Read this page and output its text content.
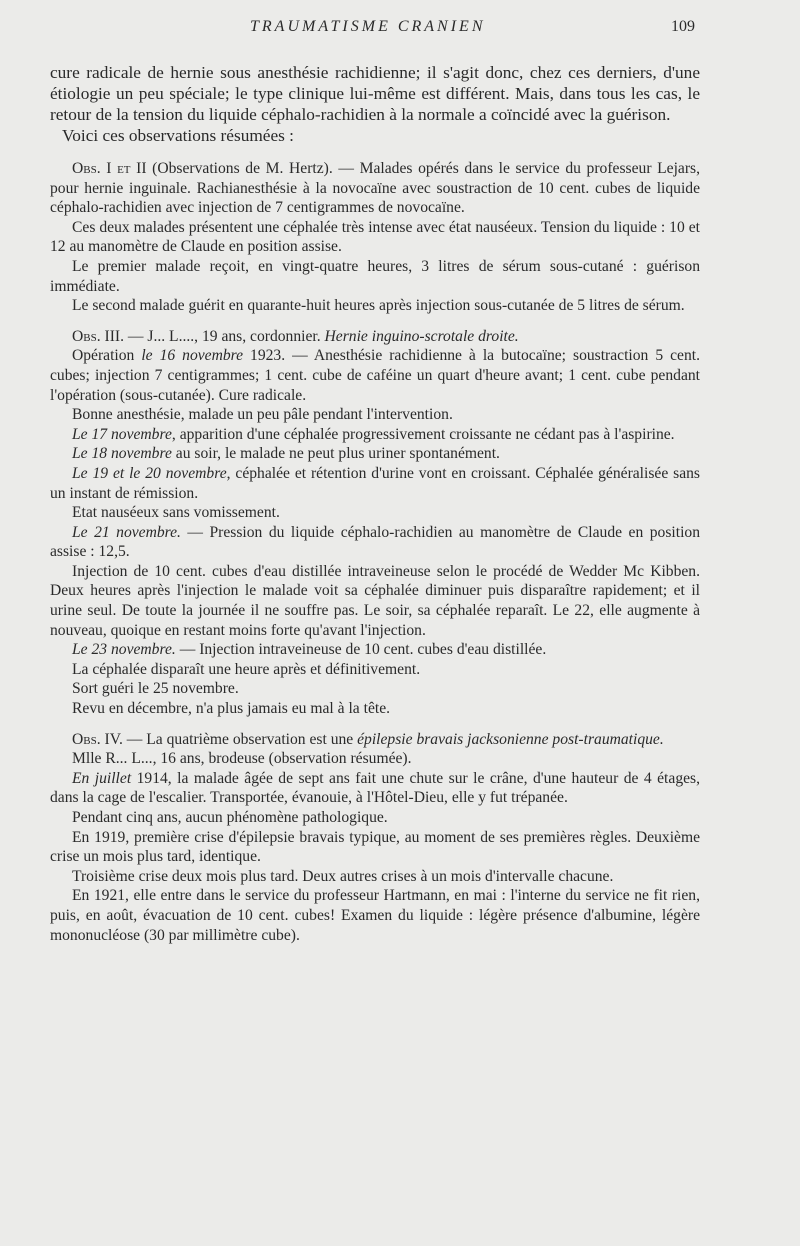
TRAUMATISME CRANIEN	109

cure radicale de hernie sous anesthésie rachidienne; il s'agit donc, chez ces derniers, d'une étiologie un peu spéciale; le type clinique lui-même est différent. Mais, dans tous les cas, le retour de la tension du liquide céphalo-rachidien à la normale a coïncidé avec la guérison.

Voici ces observations résumées :

Obs. I et II (Observations de M. Hertz). — Malades opérés dans le service du professeur Lejars, pour hernie inguinale. Rachianesthésie à la novocaïne avec soustraction de 10 cent. cubes de liquide céphalo-rachidien avec injection de 7 centigrammes de novocaïne.

Ces deux malades présentent une céphalée très intense avec état nauséeux. Tension du liquide : 10 et 12 au manomètre de Claude en position assise.

Le premier malade reçoit, en vingt-quatre heures, 3 litres de sérum sous-cutané : guérison immédiate.

Le second malade guérit en quarante-huit heures après injection sous-cutanée de 5 litres de sérum.

Obs. III. — J... L...., 19 ans, cordonnier. Hernie inguino-scrotale droite.

Opération le 16 novembre 1923. — Anesthésie rachidienne à la butocaïne; soustraction 5 cent. cubes; injection 7 centigrammes; 1 cent. cube de caféine un quart d'heure avant; 1 cent. cube pendant l'opération (sous-cutanée). Cure radicale.

Bonne anesthésie, malade un peu pâle pendant l'intervention.

Le 17 novembre, apparition d'une céphalée progressivement croissante ne cédant pas à l'aspirine.

Le 18 novembre au soir, le malade ne peut plus uriner spontanément.

Le 19 et le 20 novembre, céphalée et rétention d'urine vont en croissant. Céphalée généralisée sans un instant de rémission.

Etat nauséeux sans vomissement.

Le 21 novembre. — Pression du liquide céphalo-rachidien au manomètre de Claude en position assise : 12,5.

Injection de 10 cent. cubes d'eau distillée intraveineuse selon le procédé de Wedder Mc Kibben. Deux heures après l'injection le malade voit sa céphalée diminuer puis disparaître rapidement; et il urine seul. De toute la journée il ne souffre pas. Le soir, sa céphalée reparaît. Le 22, elle augmente à nouveau, quoique en restant moins forte qu'avant l'injection.

Le 23 novembre. — Injection intraveineuse de 10 cent. cubes d'eau distillée.

La céphalée disparaît une heure après et définitivement.

Sort guéri le 25 novembre.

Revu en décembre, n'a plus jamais eu mal à la tête.

Obs. IV. — La quatrième observation est une épilepsie bravais jacksonienne post-traumatique.

Mlle R... L..., 16 ans, brodeuse (observation résumée).

En juillet 1914, la malade âgée de sept ans fait une chute sur le crâne, d'une hauteur de 4 étages, dans la cage de l'escalier. Transportée, évanouie, à l'Hôtel-Dieu, elle y fut trépanée.

Pendant cinq ans, aucun phénomène pathologique.

En 1919, première crise d'épilepsie bravais typique, au moment de ses premières règles. Deuxième crise un mois plus tard, identique.

Troisième crise deux mois plus tard. Deux autres crises à un mois d'intervalle chacune.

En 1921, elle entre dans le service du professeur Hartmann, en mai : l'interne du service ne fit rien, puis, en août, évacuation de 10 cent. cubes! Examen du liquide : légère présence d'albumine, légère mononucléose (30 par millimètre cube).
